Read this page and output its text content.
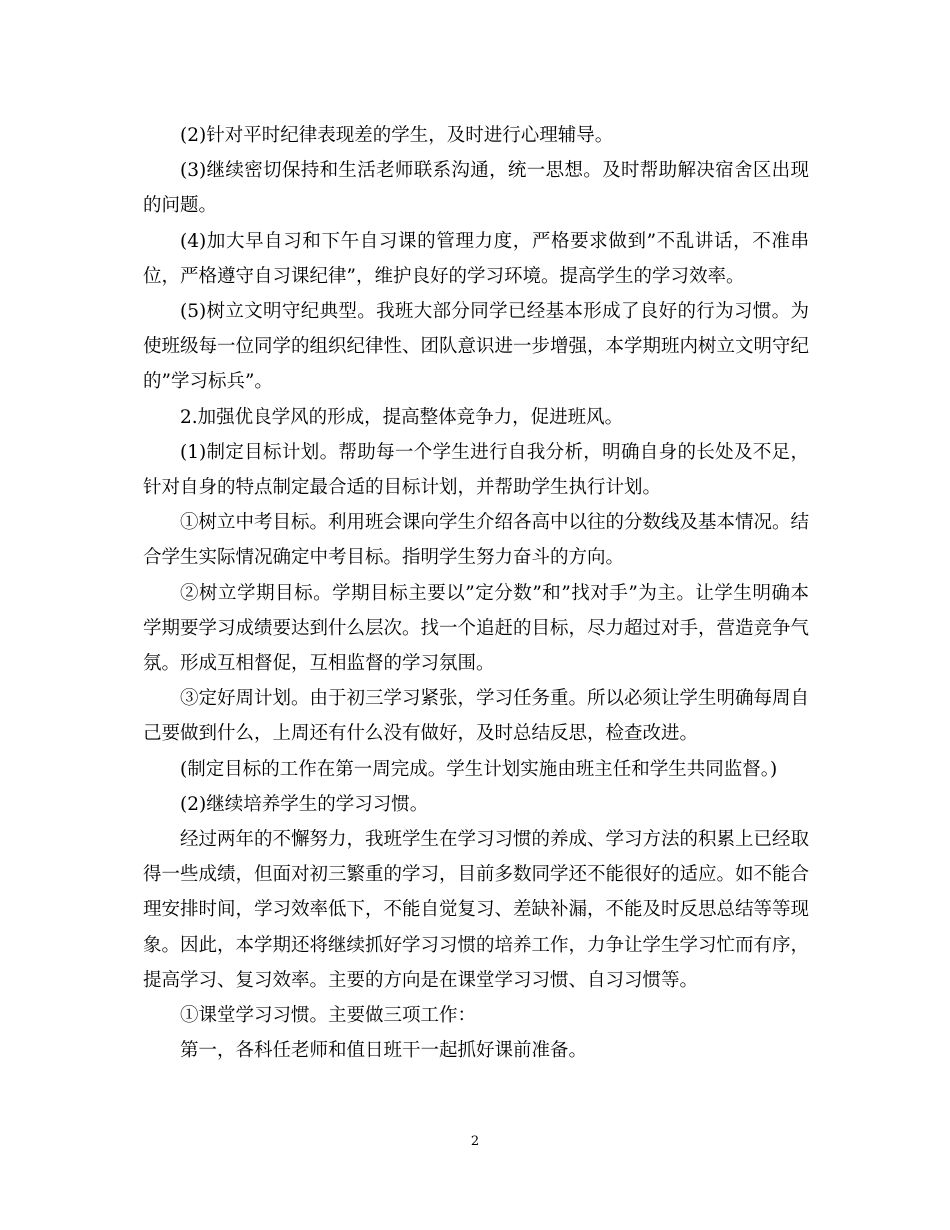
(2)针对平时纪律表现差的学生，及时进行心理辅导。

(3)继续密切保持和生活老师联系沟通，统一思想。及时帮助解决宿舍区出现的问题。

(4)加大早自习和下午自习课的管理力度，严格要求做到”不乱讲话，不准串位，严格遵守自习课纪律”，维护良好的学习环境。提高学生的学习效率。

(5)树立文明守纪典型。我班大部分同学已经基本形成了良好的行为习惯。为使班级每一位同学的组织纪律性、团队意识进一步增强，本学期班内树立文明守纪的”学习标兵”。

2.加强优良学风的形成，提高整体竞争力，促进班风。

(1)制定目标计划。帮助每一个学生进行自我分析，明确自身的长处及不足，针对自身的特点制定最合适的目标计划，并帮助学生执行计划。

①树立中考目标。利用班会课向学生介绍各高中以往的分数线及基本情况。结合学生实际情况确定中考目标。指明学生努力奋斗的方向。

②树立学期目标。学期目标主要以”定分数”和”找对手”为主。让学生明确本学期要学习成绩要达到什么层次。找一个追赶的目标，尽力超过对手，营造竞争气氛。形成互相督促，互相监督的学习氛围。

③定好周计划。由于初三学习紧张，学习任务重。所以必须让学生明确每周自己要做到什么，上周还有什么没有做好，及时总结反思，检查改进。

(制定目标的工作在第一周完成。学生计划实施由班主任和学生共同监督。)

(2)继续培养学生的学习习惯。

经过两年的不懈努力，我班学生在学习习惯的养成、学习方法的积累上已经取得一些成绩，但面对初三繁重的学习，目前多数同学还不能很好的适应。如不能合理安排时间，学习效率低下，不能自觉复习、差缺补漏，不能及时反思总结等等现象。因此，本学期还将继续抓好学习习惯的培养工作，力争让学生学习忙而有序，提高学习、复习效率。主要的方向是在课堂学习习惯、自习习惯等。

①课堂学习习惯。主要做三项工作：

第一，各科任老师和值日班干一起抓好课前准备。

2
